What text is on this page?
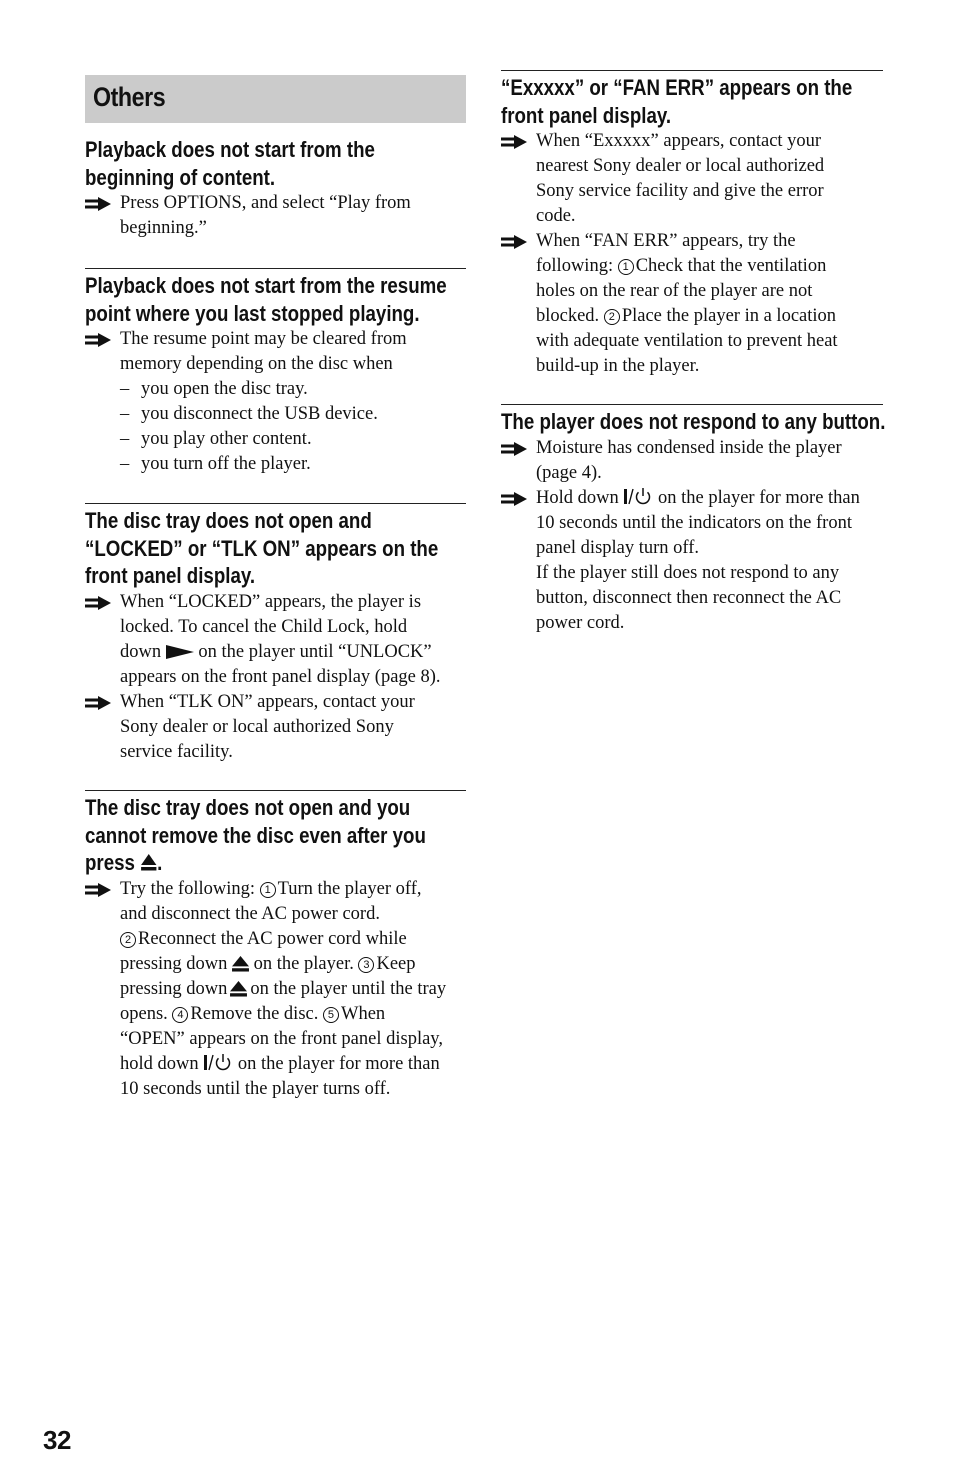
Others
Playback does not start from the
beginning of content.
Press OPTIONS, and select “Play from
beginning.”
Playback does not start from the resume
point where you last stopped playing.
The resume point may be cleared from
memory depending on the disc when
– you open the disc tray.
– you disconnect the USB device.
– you play other content.
– you turn off the player.
The disc tray does not open and
“LOCKED” or “TLK ON” appears on the
front panel display.
When “LOCKED” appears, the player is
locked. To cancel the Child Lock, hold
down on the player until “UNLOCK”
appears on the front panel display (page 8).
When “TLK ON” appears, contact your
Sony dealer or local authorized Sony
service facility.
The disc tray does not open and you
cannot remove the disc even after you
press .
Try the following: 1 Turn the player off,
and disconnect the AC power cord.
2 Reconnect the AC power cord while
pressing down on the player. 3 Keep
pressing down on the player until the tray
opens. 4 Remove the disc. 5 When
“OPEN” appears on the front panel display,
hold down on the player for more than
10 seconds until the player turns off.
“Exxxxx” or “FAN ERR” appears on the
front panel display.
When “Exxxxx” appears, contact your
nearest Sony dealer or local authorized
Sony service facility and give the error
code.
When “FAN ERR” appears, try the
following: 1 Check that the ventilation
holes on the rear of the player are not
blocked. 2 Place the player in a location
with adequate ventilation to prevent heat
build-up in the player.
The player does not respond to any button.
Moisture has condensed inside the player
(page 4).
Hold down on the player for more than
10 seconds until the indicators on the front
panel display turn off.
If the player still does not respond to any
button, disconnect then reconnect the AC
power cord.
32
